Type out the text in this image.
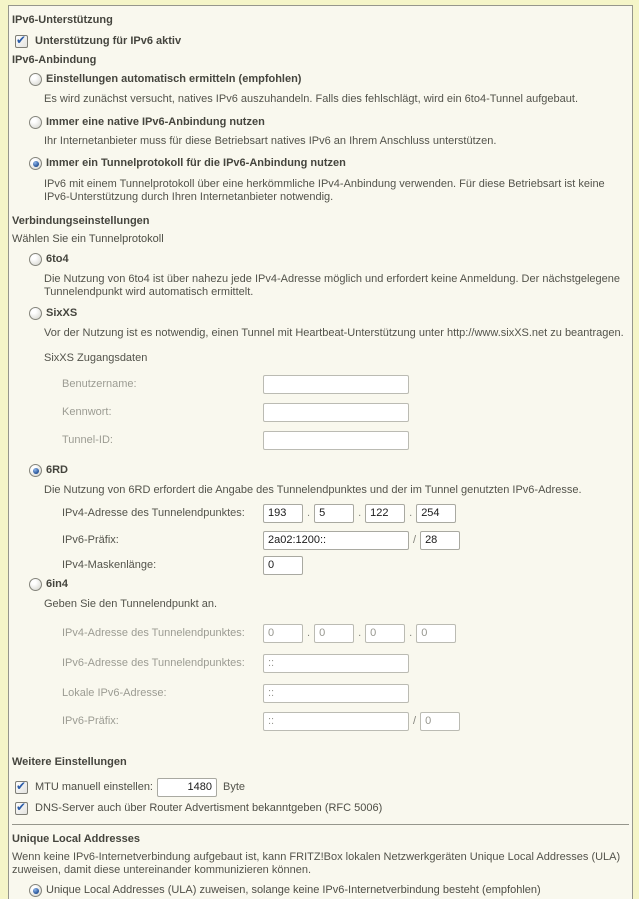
IPv6-Unterstützung
✔ Unterstützung für IPv6 aktiv
IPv6-Anbindung
Einstellungen automatisch ermitteln (empfohlen)
Es wird zunächst versucht, natives IPv6 auszuhandeln. Falls dies fehlschlägt, wird ein 6to4-Tunnel aufgebaut.
Immer eine native IPv6-Anbindung nutzen
Ihr Internetanbieter muss für diese Betriebsart natives IPv6 an Ihrem Anschluss unterstützen.
Immer ein Tunnelprotokoll für die IPv6-Anbindung nutzen
IPv6 mit einem Tunnelprotokoll über eine herkömmliche IPv4-Anbindung verwenden. Für diese Betriebsart ist keine IPv6-Unterstützung durch Ihren Internetanbieter notwendig.
Verbindungseinstellungen
Wählen Sie ein Tunnelprotokoll
6to4
Die Nutzung von 6to4 ist über nahezu jede IPv4-Adresse möglich und erfordert keine Anmeldung. Der nächstgelegene Tunnelendpunkt wird automatisch ermittelt.
SixXS
Vor der Nutzung ist es notwendig, einen Tunnel mit Heartbeat-Unterstützung unter http://www.sixXS.net zu beantragen.
SixXS Zugangsdaten
Benutzername:
Kennwort:
Tunnel-ID:
6RD
Die Nutzung von 6RD erfordert die Angabe des Tunnelendpunktes und der im Tunnel genutzten IPv6-Adresse.
IPv4-Adresse des Tunnelendpunktes:
193	.
5	.
122	.
254
IPv6-Präfix:
2a02:1200::	/
28
IPv4-Maskenlänge:
0
6in4
Geben Sie den Tunnelendpunkt an.
IPv4-Adresse des Tunnelendpunktes:
0	.
0	.
0	.
0
IPv6-Adresse des Tunnelendpunktes:
::
Lokale IPv6-Adresse:
::
IPv6-Präfix:
::	/
0
Weitere Einstellungen
✔ MTU manuell einstellen:
1480	Byte
✔ DNS-Server auch über Router Advertisment bekanntgeben (RFC 5006)
Unique Local Addresses
Wenn keine IPv6-Internetverbindung aufgebaut ist, kann FRITZ!Box lokalen Netzwerkgeräten Unique Local Addresses (ULA) zuweisen, damit diese untereinander kommunizieren können.
Unique Local Addresses (ULA) zuweisen, solange keine IPv6-Internetverbindung besteht (empfohlen)
